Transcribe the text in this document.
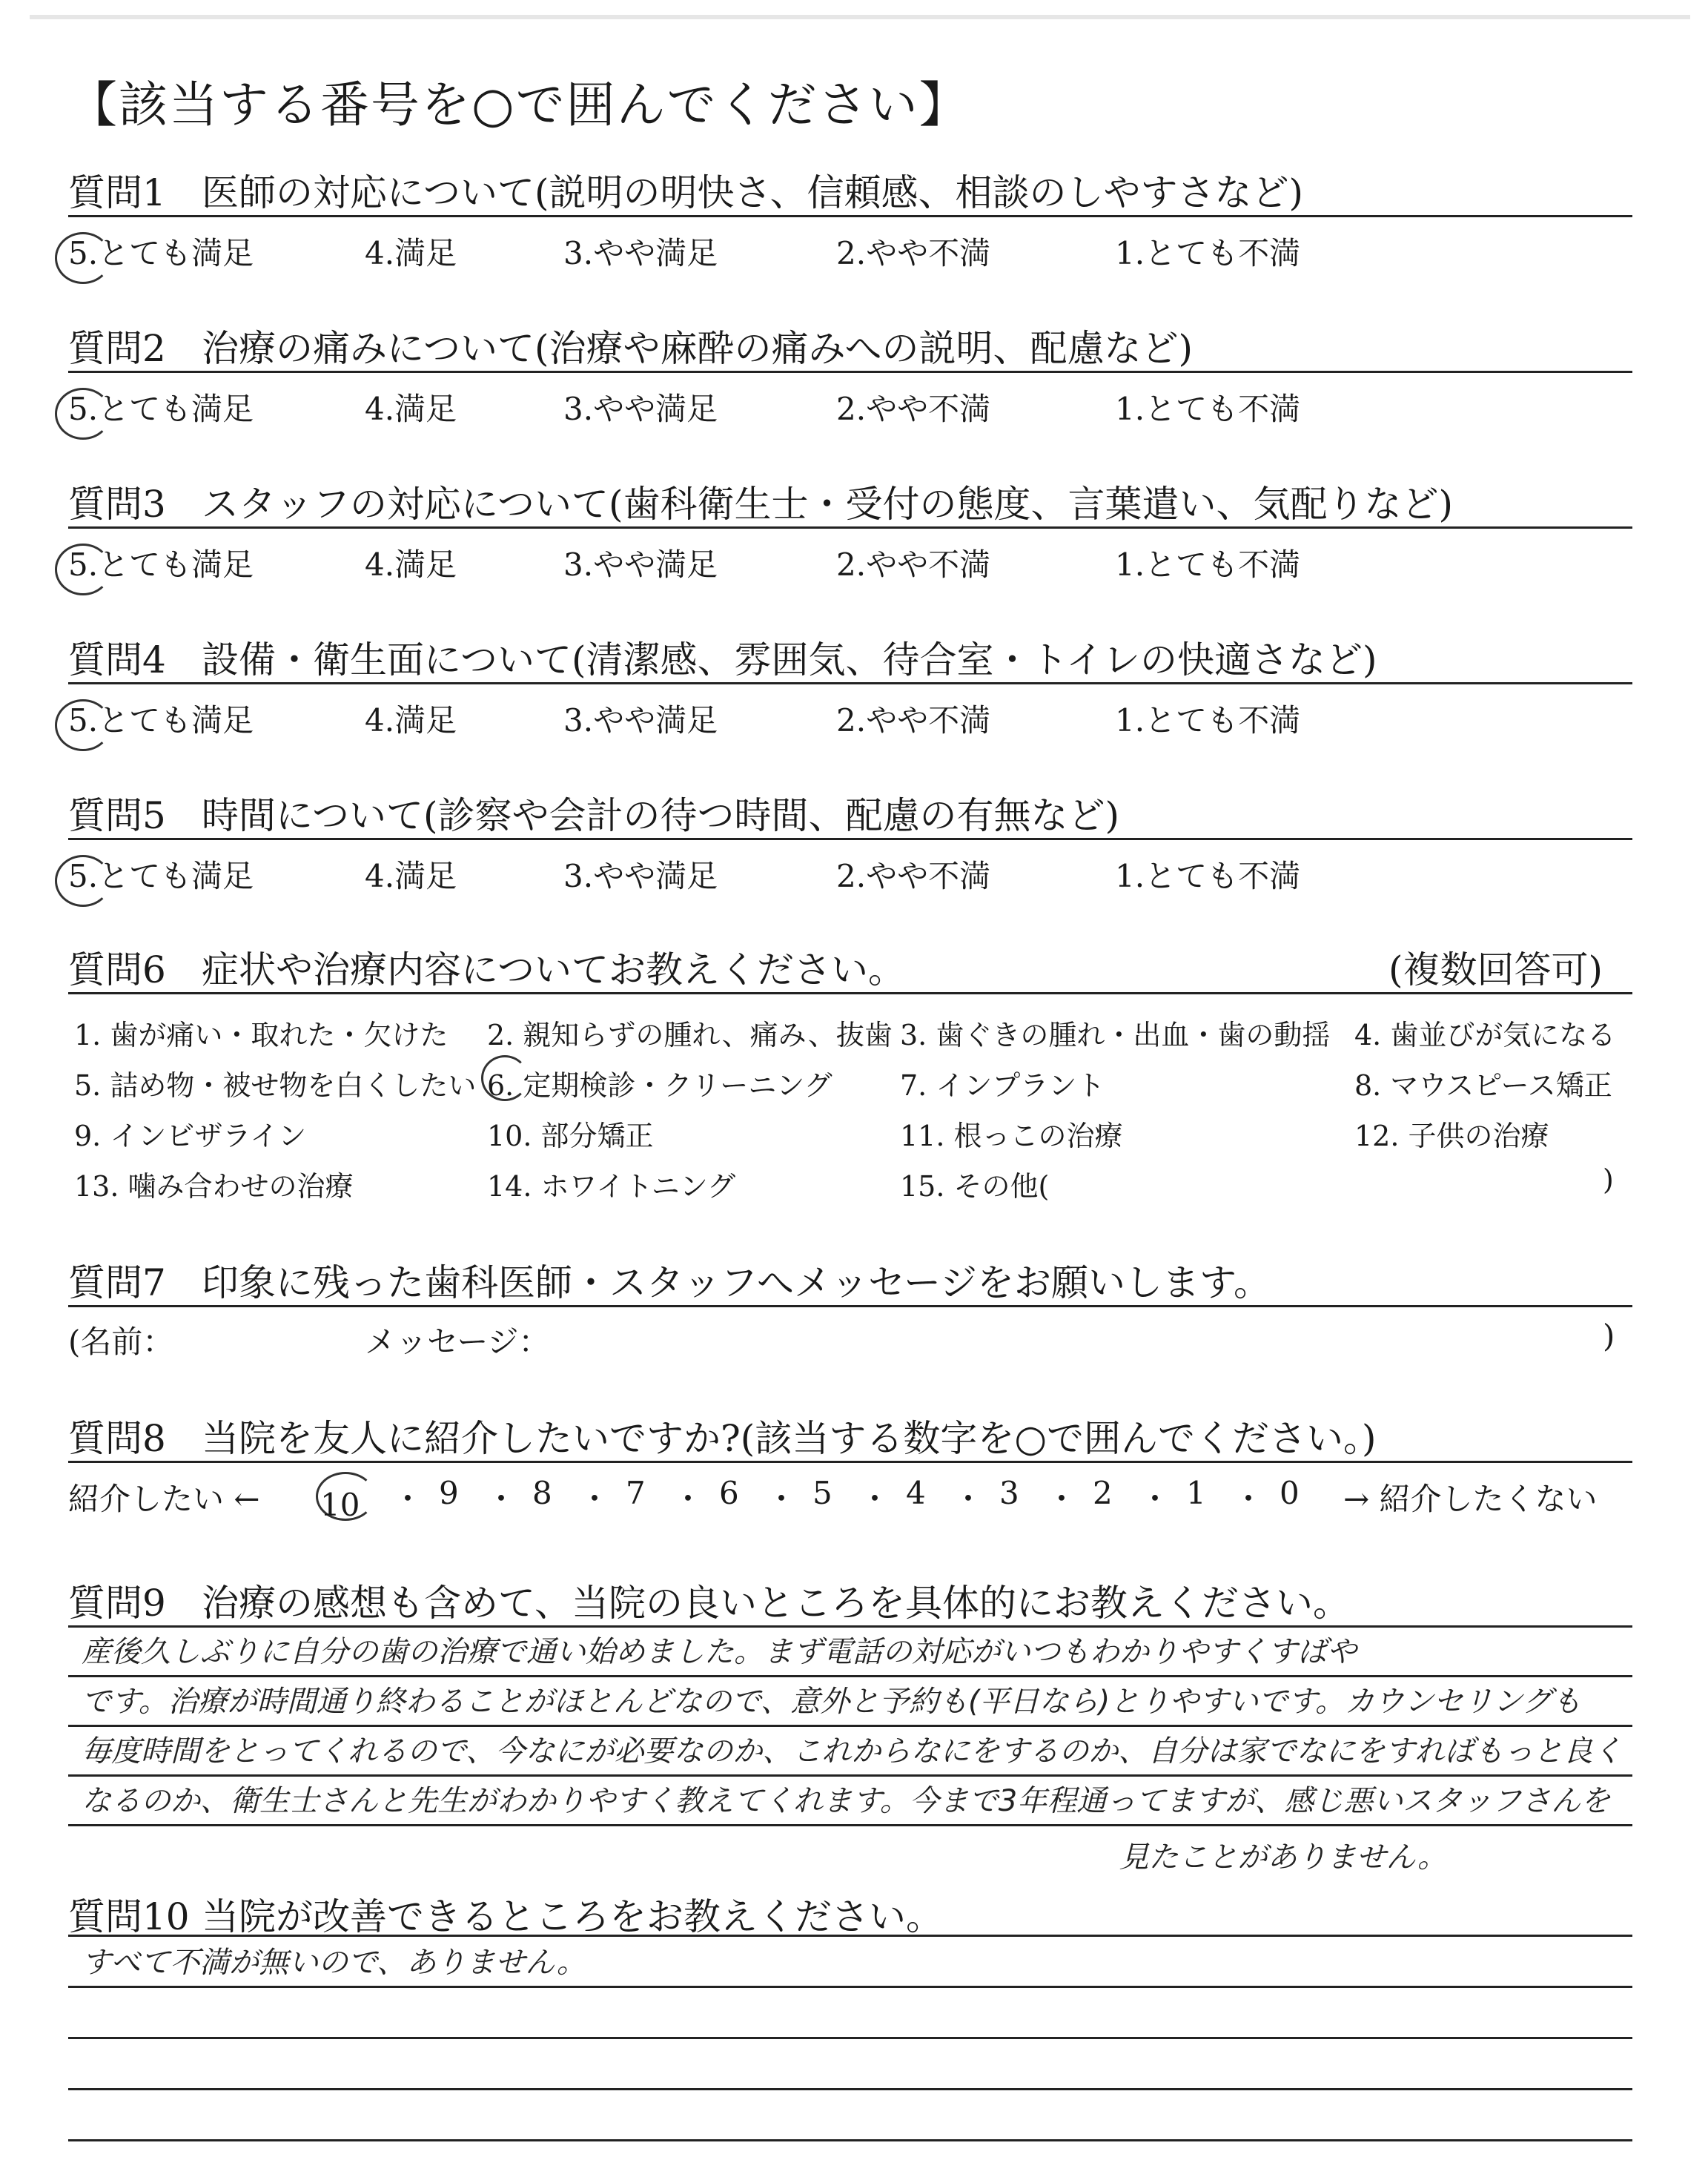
【該当する番号を○で囲んでください】
質問1 医師の対応について(説明の明快さ、信頼感、相談のしやすさなど)
5.とても満足	4.満足	3.やや満足	2.やや不満	1.とても不満
質問2 治療の痛みについて(治療や麻酔の痛みへの説明、配慮など)
5.とても満足	4.満足	3.やや満足	2.やや不満	1.とても不満
質問3 スタッフの対応について(歯科衛生士・受付の態度、言葉遣い、気配りなど)
5.とても満足	4.満足	3.やや満足	2.やや不満	1.とても不満
質問4 設備・衛生面について(清潔感、雰囲気、待合室・トイレの快適さなど)
5.とても満足	4.満足	3.やや満足	2.やや不満	1.とても不満
質問5 時間について(診察や会計の待つ時間、配慮の有無など)
5.とても満足	4.満足	3.やや満足	2.やや不満	1.とても不満
質問6 症状や治療内容についてお教えください。	(複数回答可)
1. 歯が痛い・取れた・欠けた 2. 親知らずの腫れ、痛み、抜歯 3. 歯ぐきの腫れ・出血・歯の動揺 4. 歯並びが気になる
5. 詰め物・被せ物を白くしたい 6. 定期検診・クリーニング 7. インプラント	8. マウスピース矯正
9. インビザライン	10. 部分矯正	11. 根っこの治療	12. 子供の治療
13. 噛み合わせの治療	14. ホワイトニング	15. その他(	)
質問7 印象に残った歯科医師・スタッフへメッセージをお願いします。
(名前：	メッセージ：	)
質問8 当院を友人に紹介したいですか?(該当する数字を○で囲んでください。)
紹介したい ← 10 ・ 9 ・ 8 ・ 7 ・ 6 ・ 5 ・ 4 ・ 3 ・ 2 ・ 1 ・ 0 → 紹介したくない
質問9 治療の感想も含めて、当院の良いところを具体的にお教えください。
産後久しぶりに自分の歯の治療で通い始めました。まず電話の対応がいつもわかりやすくすばや
です。治療が時間通り終わることがほとんどなので、意外と予約も(平日なら)とりやすいです。カウンセリングも
毎度時間をとってくれるので、今なにが必要なのか、これからなにをするのか、自分は家でなにをすればもっと良く
なるのか、衛生士さんと先生がわかりやすく教えてくれます。今まで3年程通ってますが、感じ悪いスタッフさんを
見たことがありません。
質問10 当院が改善できるところをお教えください。
すべて不満が無いので、ありません。
